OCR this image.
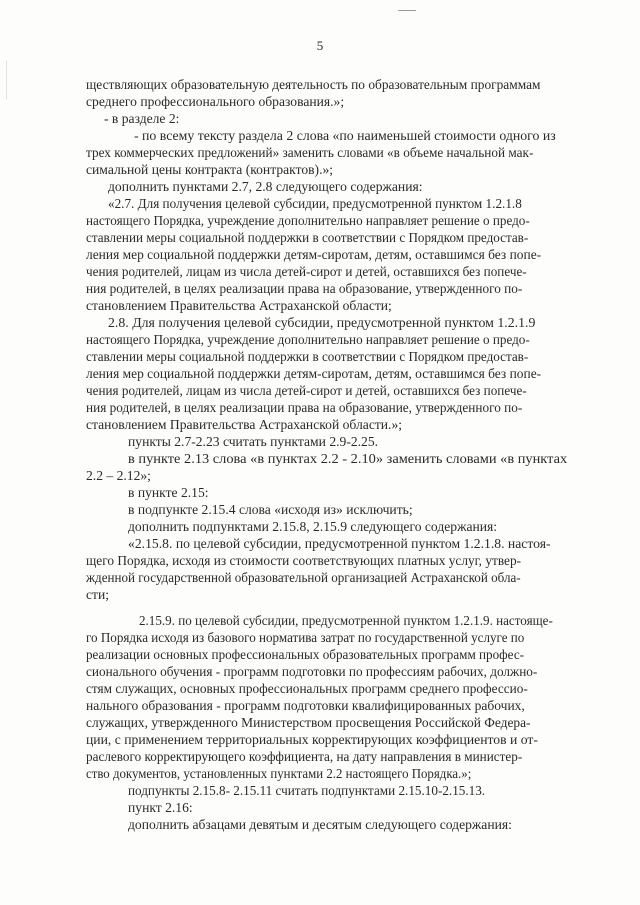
5
ществляющих образовательную деятельность по образовательным программам
среднего профессионального образования.»;
- в разделе 2:
- по всему тексту раздела 2 слова «по наименьшей стоимости одного из
трех коммерческих предложений» заменить словами «в объеме начальной мак-
симальной цены контракта (контрактов).»;
дополнить пунктами 2.7, 2.8 следующего содержания:
«2.7. Для получения целевой субсидии, предусмотренной пунктом 1.2.1.8
настоящего Порядка, учреждение дополнительно направляет решение о предо-
ставлении меры социальной поддержки в соответствии с Порядком предостав-
ления мер социальной поддержки детям-сиротам, детям, оставшимся без попе-
чения родителей, лицам из числа детей-сирот и детей, оставшихся без попече-
ния родителей, в целях реализации права на образование, утвержденного по-
становлением Правительства Астраханской области;
2.8. Для получения целевой субсидии, предусмотренной пунктом 1.2.1.9
настоящего Порядка, учреждение дополнительно направляет решение о предо-
ставлении меры социальной поддержки в соответствии с Порядком предостав-
ления мер социальной поддержки детям-сиротам, детям, оставшимся без попе-
чения родителей, лицам из числа детей-сирот и детей, оставшихся без попече-
ния родителей, в целях реализации права на образование, утвержденного по-
становлением Правительства Астраханской области.»;
пункты 2.7-2.23 считать пунктами 2.9-2.25.
в пункте 2.13 слова «в пунктах 2.2 - 2.10» заменить словами «в пунктах
2.2 – 2.12»;
в пункте 2.15:
в подпункте 2.15.4 слова «исходя из» исключить;
дополнить подпунктами 2.15.8, 2.15.9 следующего содержания:
«2.15.8. по целевой субсидии, предусмотренной пунктом 1.2.1.8. настоя-
щего Порядка, исходя из стоимости соответствующих платных услуг, утвер-
жденной государственной образовательной организацией Астраханской обла-
сти;
2.15.9. по целевой субсидии, предусмотренной пунктом 1.2.1.9. настояще-
го Порядка исходя из базового норматива затрат по государственной услуге по
реализации основных профессиональных образовательных программ профес-
сионального обучения - программ подготовки по профессиям рабочих, должно-
стям служащих, основных профессиональных программ среднего профессио-
нального образования - программ подготовки квалифицированных рабочих,
служащих, утвержденного Министерством просвещения Российской Федера-
ции, с применением территориальных корректирующих коэффициентов и от-
раслевого корректирующего коэффициента, на дату направления в министер-
ство документов, установленных пунктами 2.2 настоящего Порядка.»;
подпункты 2.15.8- 2.15.11 считать подпунктами 2.15.10-2.15.13.
пункт 2.16:
дополнить абзацами девятым и десятым следующего содержания:
